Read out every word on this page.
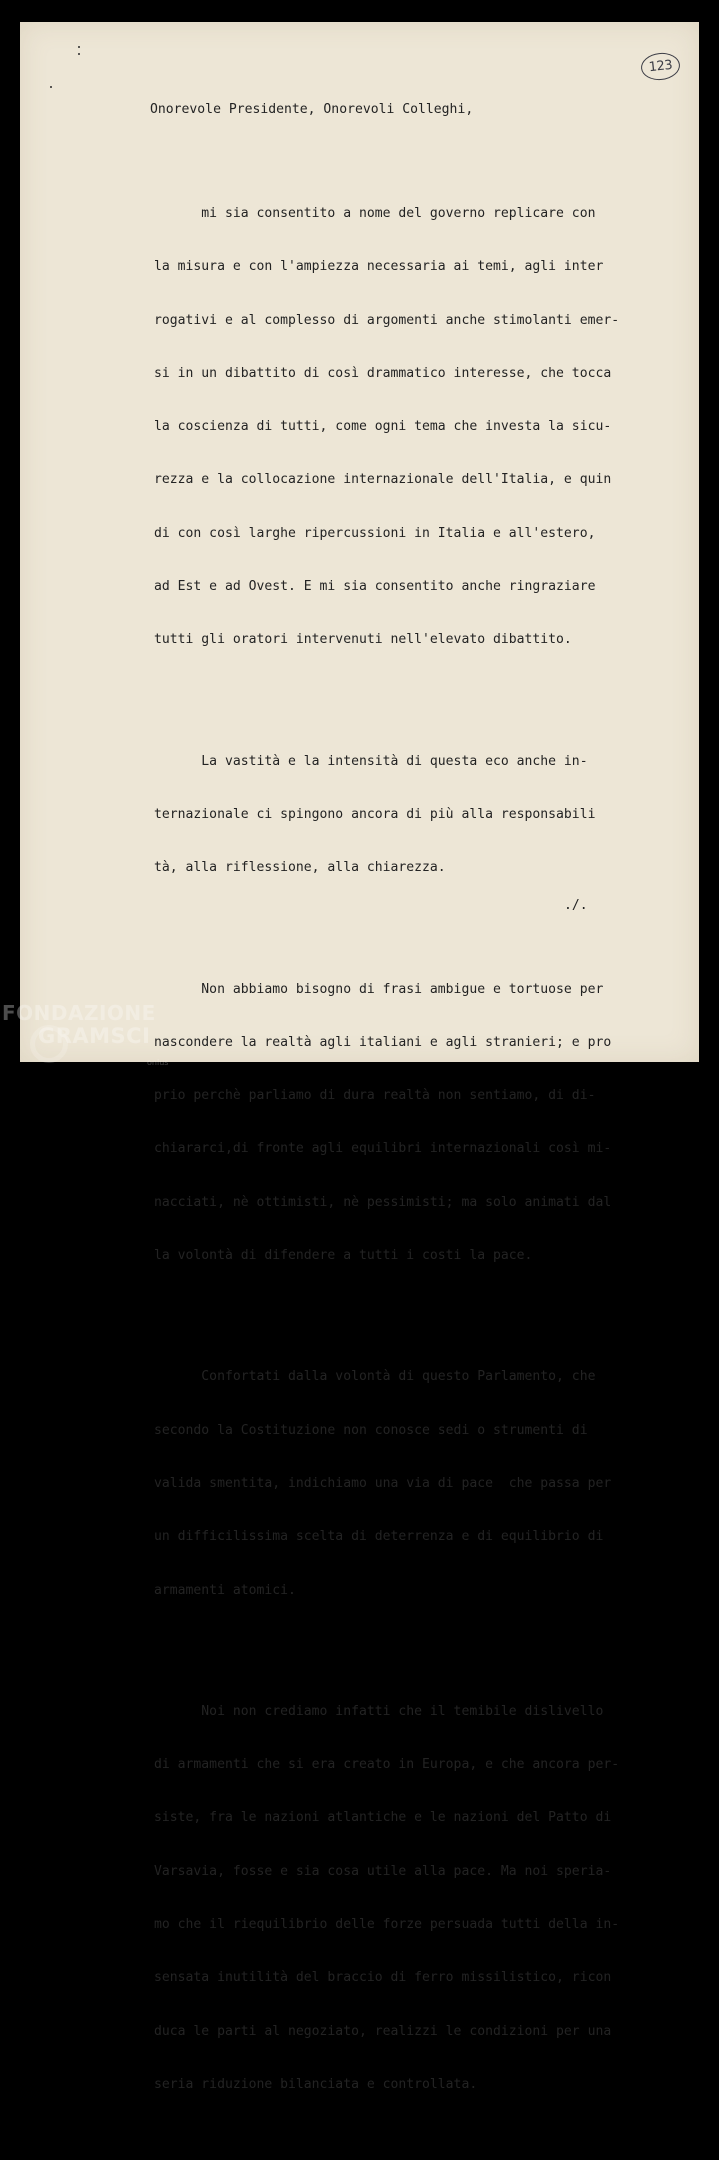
123
Onorevole Presidente, Onorevoli Colleghi,

mi sia consentito a nome del governo replicare con

la misura e con l'ampiezza necessaria ai temi, agli inter

rogativi e al complesso di argomenti anche stimolanti emer-

si in un dibattito di così drammatico interesse, che tocca

la coscienza di tutti, come ogni tema che investa la sicu-

rezza e la collocazione internazionale dell'Italia, e quin

di con così larghe ripercussioni in Italia e all'estero,

ad Est e ad Ovest. E mi sia consentito anche ringraziare

tutti gli oratori intervenuti nell'elevato dibattito.

La vastità e la intensità di questa eco anche in-

ternazionale ci spingono ancora di più alla responsabili

tà, alla riflessione, alla chiarezza.

Non abbiamo bisogno di frasi ambigue e tortuose per

nascondere la realtà agli italiani e agli stranieri; e pro

prio perchè parliamo di dura realtà non sentiamo, di di-

chiararci,di fronte agli equilibri internazionali così mi-

nacciati, nè ottimisti, nè pessimisti; ma solo animati dal

la volontà di difendere a tutti i costi la pace.

Confortati dalla volontà di questo Parlamento, che

secondo la Costituzione non conosce sedi o strumenti di

valida smentita, indichiamo una via di pace  che passa per

un difficilissima scelta di deterrenza e di equilibrio di

armamenti atomici.

Noi non crediamo infatti che il temibile dislivello

di armamenti che si era creato in Europa, e che ancora per-

siste, fra le nazioni atlantiche e le nazioni del Patto di

Varsavia, fosse e sia cosa utile alla pace. Ma noi speria-

mo che il riequilibrio delle forze persuada tutti della in-

sensata inutilità del braccio di ferro missilistico, ricon

duca le parti al negoziato, realizzi le condizioni per una

seria riduzione bilanciata e controllata.

./.
FONDAZIONE
GRAMSCI
onlus
